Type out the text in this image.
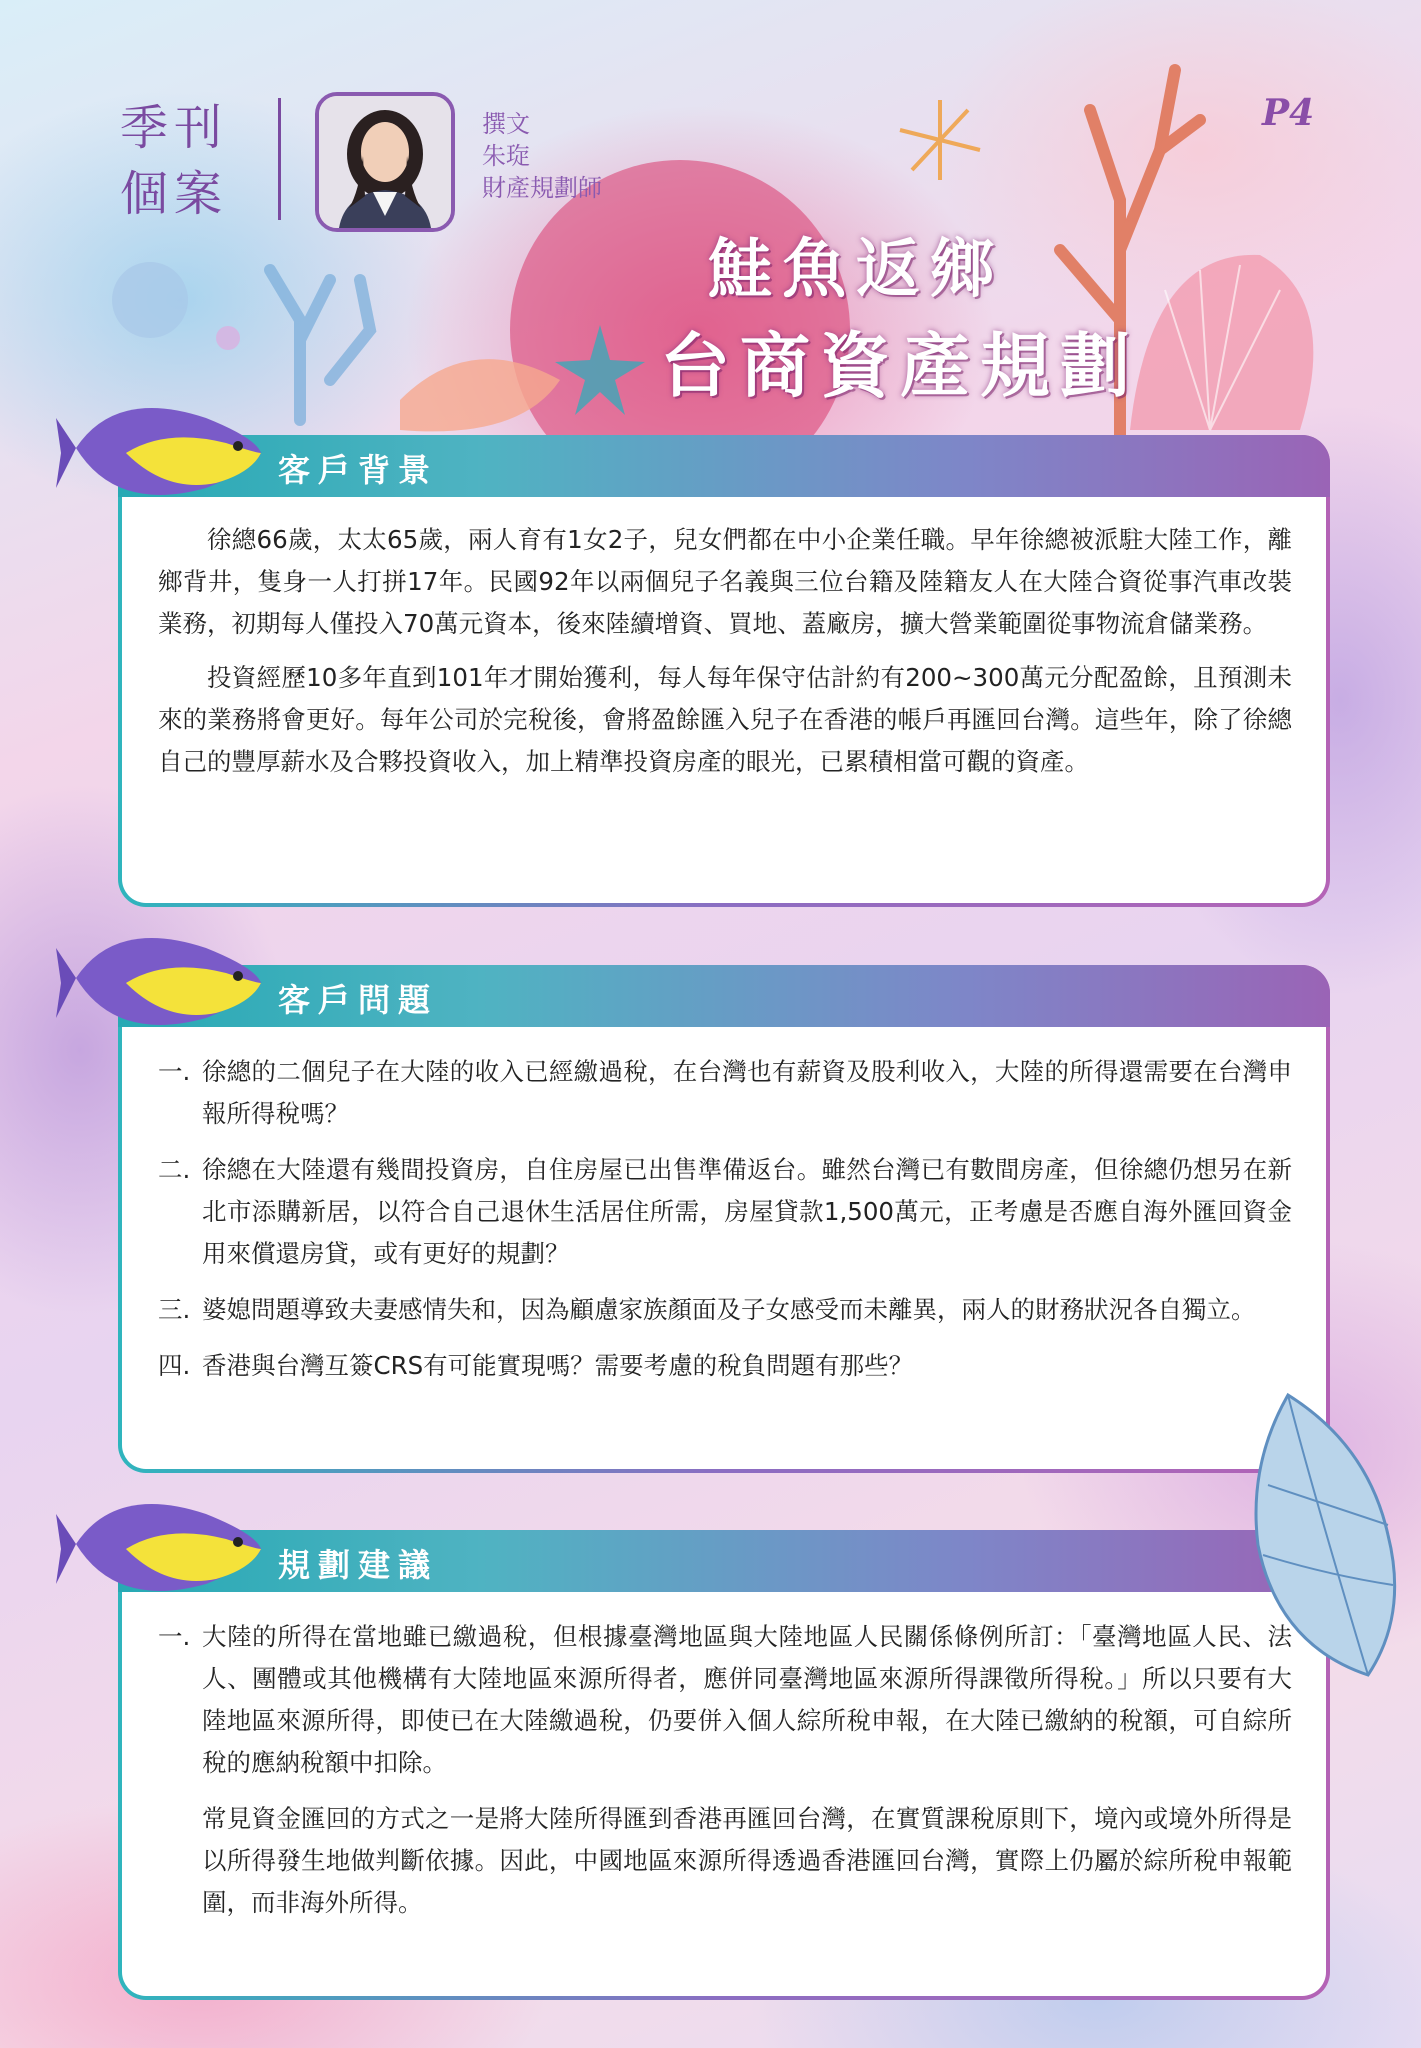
季刊
個案
撰文
朱琁
財產規劃師
P4
鮭魚返鄉
台商資產規劃
客戶背景

徐總66歲，太太65歲，兩人育有1女2子，兒女們都在中小企業任職。早年徐總被派駐大陸工作，離鄉背井，隻身一人打拼17年。民國92年以兩個兒子名義與三位台籍及陸籍友人在大陸合資從事汽車改裝業務，初期每人僅投入70萬元資本，後來陸續增資、買地、蓋廠房，擴大營業範圍從事物流倉儲業務。

投資經歷10多年直到101年才開始獲利，每人每年保守估計約有200~300萬元分配盈餘，且預測未來的業務將會更好。每年公司於完稅後，會將盈餘匯入兒子在香港的帳戶再匯回台灣。這些年，除了徐總自己的豐厚薪水及合夥投資收入，加上精準投資房產的眼光，已累積相當可觀的資產。

客戶問題
一. 徐總的二個兒子在大陸的收入已經繳過稅，在台灣也有薪資及股利收入，大陸的所得還需要在台灣申報所得稅嗎？
二. 徐總在大陸還有幾間投資房，自住房屋已出售準備返台。雖然台灣已有數間房產，但徐總仍想另在新北市添購新居，以符合自己退休生活居住所需，房屋貸款1,500萬元，正考慮是否應自海外匯回資金用來償還房貸，或有更好的規劃？
三. 婆媳問題導致夫妻感情失和，因為顧慮家族顏面及子女感受而未離異，兩人的財務狀況各自獨立。
四. 香港與台灣互簽CRS有可能實現嗎？需要考慮的稅負問題有那些？
規劃建議
一. 大陸的所得在當地雖已繳過稅，但根據臺灣地區與大陸地區人民關係條例所訂：「臺灣地區人民、法人、團體或其他機構有大陸地區來源所得者，應併同臺灣地區來源所得課徵所得稅。」所以只要有大陸地區來源所得，即使已在大陸繳過稅，仍要併入個人綜所稅申報，在大陸已繳納的稅額，可自綜所稅的應納稅額中扣除。

常見資金匯回的方式之一是將大陸所得匯到香港再匯回台灣，在實質課稅原則下，境內或境外所得是以所得發生地做判斷依據。因此，中國地區來源所得透過香港匯回台灣，實際上仍屬於綜所稅申報範圍，而非海外所得。
